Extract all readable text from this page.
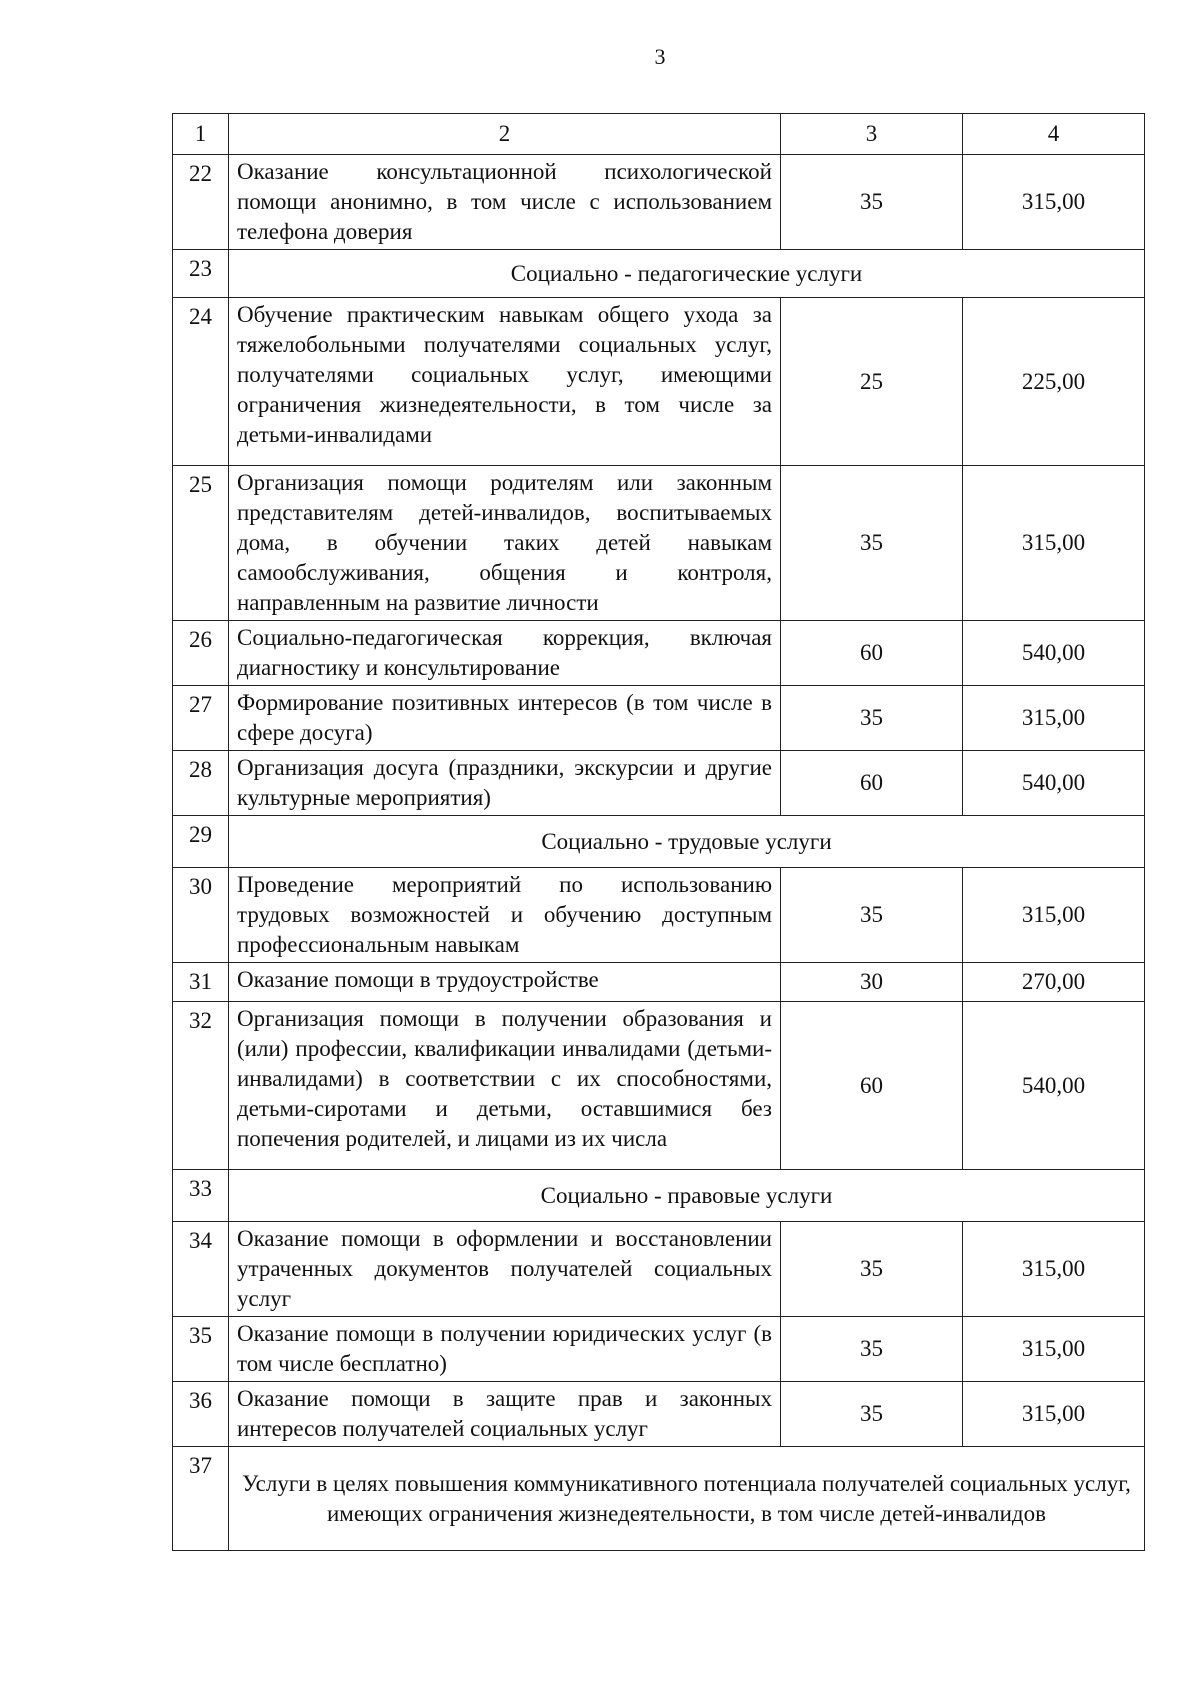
3
1	2	3	4
22	Оказание консультационной психологической помощи анонимно, в том числе с использованием телефона доверия	35	315,00
23	Социально - педагогические услуги		
24	Обучение практическим навыкам общего ухода за тяжелобольными получателями социальных услуг, получателями социальных услуг, имеющими ограничения жизнедеятельности, в том числе за детьми-инвалидами	25	225,00
25	Организация помощи родителям или законным представителям детей-инвалидов, воспитываемых дома, в обучении таких детей навыкам самообслуживания, общения и контроля, направленным на развитие личности	35	315,00
26	Социально-педагогическая коррекция, включая диагностику и консультирование	60	540,00
27	Формирование позитивных интересов (в том числе в сфере досуга)	35	315,00
28	Организация досуга (праздники, экскурсии и другие культурные мероприятия)	60	540,00
29	Социально - трудовые услуги		
30	Проведение мероприятий по использованию трудовых возможностей и обучению доступным профессиональным навыкам	35	315,00
31	Оказание помощи в трудоустройстве	30	270,00
32	Организация помощи в получении образования и (или) профессии, квалификации инвалидами (детьми-инвалидами) в соответствии с их способностями, детьми-сиротами и детьми, оставшимися без попечения родителей, и лицами из их числа	60	540,00
33	Социально - правовые услуги		
34	Оказание помощи в оформлении и восстановлении утраченных документов получателей социальных услуг	35	315,00
35	Оказание помощи в получении юридических услуг (в том числе бесплатно)	35	315,00
36	Оказание помощи в защите прав и законных интересов получателей социальных услуг	35	315,00
37	Услуги в целях повышения коммуникативного потенциала получателей социальных услуг, имеющих ограничения жизнедеятельности, в том числе детей-инвалидов		
